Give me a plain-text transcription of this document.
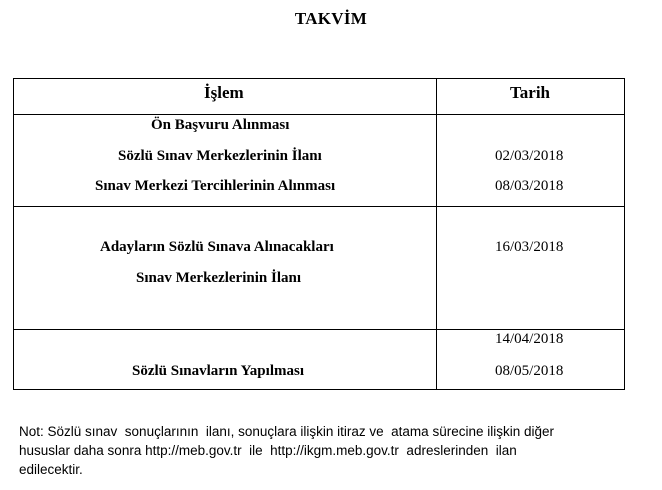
TAKVİM
İşlem	Tarih
Ön Başvuru Alınması
Sözlü Sınav Merkezlerinin İlanı
Sınav Merkezi Tercihlerinin Alınması
02/03/2018
08/03/2018
Adayların Sözlü Sınava Alınacakları
Sınav Merkezlerinin İlanı
16/03/2018
Sözlü Sınavların Yapılması
14/04/2018
08/05/2018
Not: Sözlü sınav  sonuçlarının  ilanı, sonuçlara ilişkin itiraz ve  atama sürecine ilişkin diğer
hususlar daha sonra http://meb.gov.tr  ile  http://ikgm.meb.gov.tr  adreslerinden  ilan
edilecektir.
